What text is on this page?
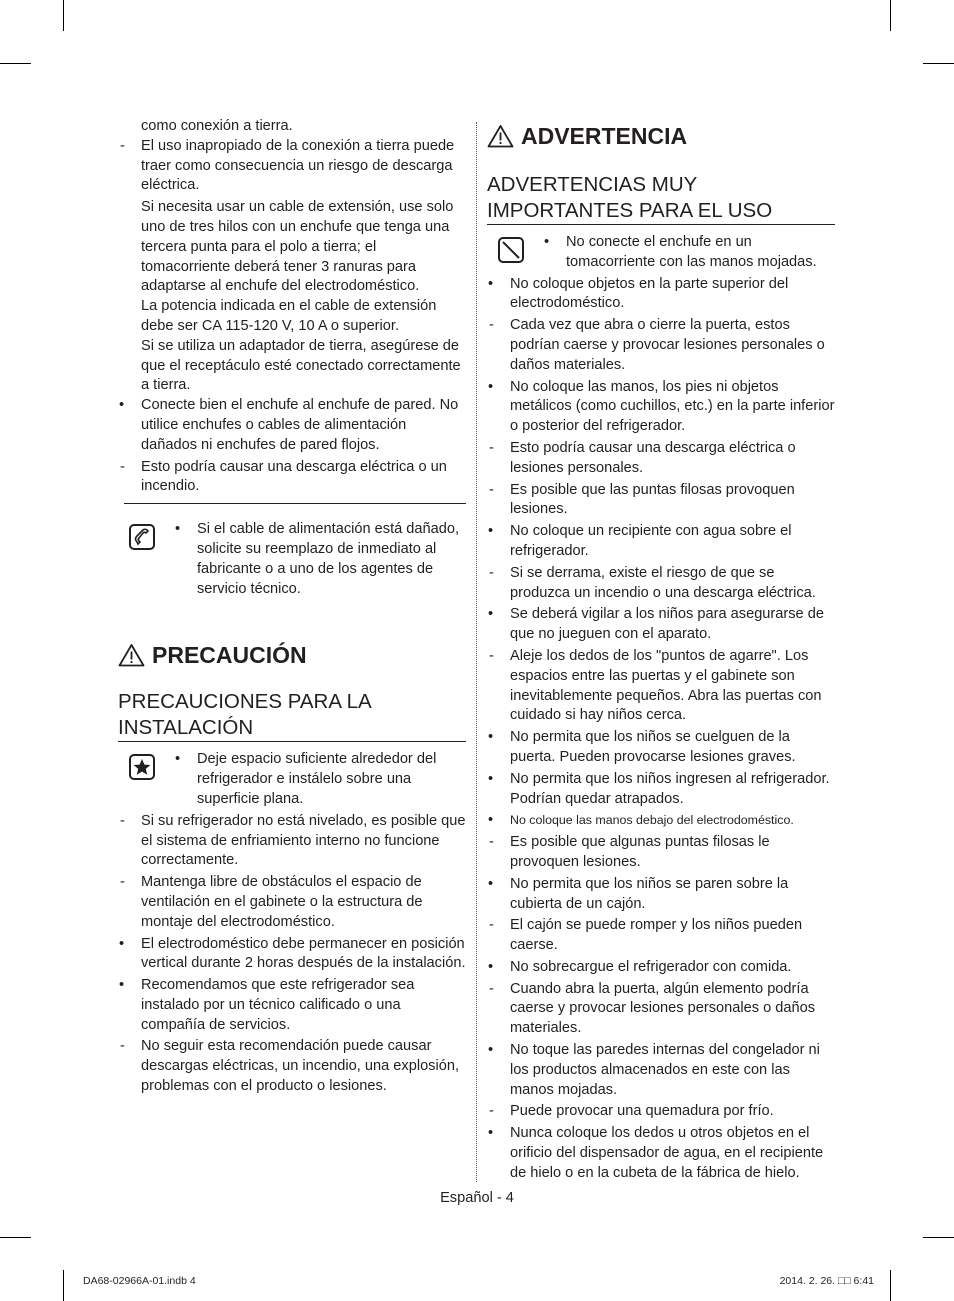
como conexión a tierra.
-	El uso inapropiado de la conexión a tierra puede traer como consecuencia un riesgo de descarga eléctrica.
Si necesita usar un cable de extensión, use solo uno de tres hilos con un enchufe que tenga una tercera punta para el polo a tierra; el tomacorriente deberá tener 3 ranuras para adaptarse al enchufe del electrodoméstico.
La potencia indicada en el cable de extensión debe ser CA 115-120 V, 10 A o superior.
Si se utiliza un adaptador de tierra, asegúrese de que el receptáculo esté conectado correctamente a tierra.
•	Conecte bien el enchufe al enchufe de pared. No utilice enchufes o cables de alimentación dañados ni enchufes de pared flojos.
-	Esto podría causar una descarga eléctrica o un incendio.
•	Si el cable de alimentación está dañado, solicite su reemplazo de inmediato al fabricante o a uno de los agentes de servicio técnico.
PRECAUCIÓN
PRECAUCIONES PARA LA INSTALACIÓN
•	Deje espacio suficiente alrededor del refrigerador e instálelo sobre una superficie plana.
-	Si su refrigerador no está nivelado, es posible que el sistema de enfriamiento interno no funcione correctamente.
-	Mantenga libre de obstáculos el espacio de ventilación en el gabinete o la estructura de montaje del electrodoméstico.
•	El electrodoméstico debe permanecer en posición vertical durante 2 horas después de la instalación.
•	Recomendamos que este refrigerador sea instalado por un técnico calificado o una compañía de servicios.
-	No seguir esta recomendación puede causar descargas eléctricas, un incendio, una explosión, problemas con el producto o lesiones.
ADVERTENCIA
ADVERTENCIAS MUY IMPORTANTES PARA EL USO
•	No conecte el enchufe en un tomacorriente con las manos mojadas.
•	No coloque objetos en la parte superior del electrodoméstico.
-	Cada vez que abra o cierre la puerta, estos podrían caerse y provocar lesiones personales o daños materiales.
•	No coloque las manos, los pies ni objetos metálicos (como cuchillos, etc.) en la parte inferior o posterior del refrigerador.
-	Esto podría causar una descarga eléctrica o lesiones personales.
-	Es posible que las puntas filosas provoquen lesiones.
•	No coloque un recipiente con agua sobre el refrigerador.
-	Si se derrama, existe el riesgo de que se produzca un incendio o una descarga eléctrica.
•	Se deberá vigilar a los niños para asegurarse de que no jueguen con el aparato.
-	Aleje los dedos de los "puntos de agarre". Los espacios entre las puertas y el gabinete son inevitablemente pequeños. Abra las puertas con cuidado si hay niños cerca.
•	No permita que los niños se cuelguen de la puerta. Pueden provocarse lesiones graves.
•	No permita que los niños ingresen al refrigerador. Podrían quedar atrapados.
•	No coloque las manos debajo del electrodoméstico.
-	Es posible que algunas puntas filosas le provoquen lesiones.
•	No permita que los niños se paren sobre la cubierta de un cajón.
-	El cajón se puede romper y los niños pueden caerse.
•	No sobrecargue el refrigerador con comida.
-	Cuando abra la puerta, algún elemento podría caerse y provocar lesiones personales o daños materiales.
•	No toque las paredes internas del congelador ni los productos almacenados en este con las manos mojadas.
-	Puede provocar una quemadura por frío.
•	Nunca coloque los dedos u otros objetos en el orificio del dispensador de agua, en el recipiente de hielo o en la cubeta de la fábrica de hielo.
Español - 4
DA68-02966A-01.indb 4	2014. 2. 26. □□ 6:41
